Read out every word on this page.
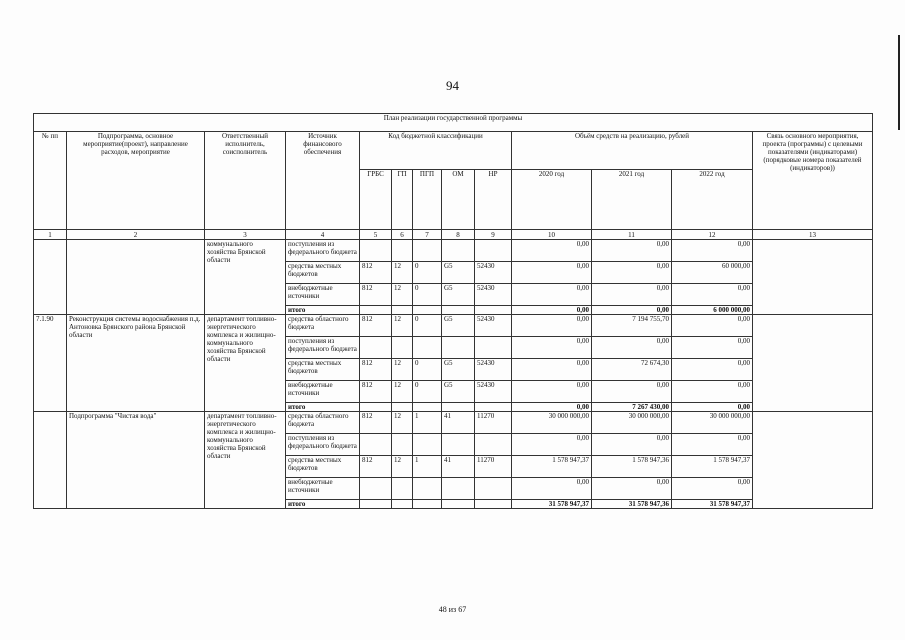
94
План реализации государственной программы												
№ пп	Подпрограмма, основное мероприятие(проект), направление расходов, мероприятие	Ответственный исполнитель, соисполнитель	Источник финансового обеспечения	Код бюджетной классификации					Объём средств на реализацию, рублей			Связь основного мероприятия, проекта (программы) с целевыми показателями (индикаторами) (порядковые номера показателей (индикаторов))
				ГРБС	ГП	ПГП	ОМ	НР	2020 год	2021 год	2022 год	
1	2	3	4	5	6	7	8	9	10	11	12	13
		коммунального хозяйства Брянской области	поступления из федерального бюджета						0,00	0,00	0,00	
			средства местных бюджетов	812	12	0	G5	52430	0,00	0,00	60 000,00	
			внебюджетные источники	812	12	0	G5	52430	0,00	0,00	0,00	
			итого						0,00	0,00	6 000 000,00	
7.1.90	Реконструкция системы водоснабжения п.д. Антоновка Брянского района Брянской области	департамент топливно-энергетического комплекса и жилищно-коммунального хозяйства Брянской области	средства областного бюджета	812	12	0	G5	52430	0,00	7 194 755,70	0,00	
			поступления из федерального бюджета						0,00	0,00	0,00	
			средства местных бюджетов	812	12	0	G5	52430	0,00	72 674,30	0,00	
			внебюджетные источники	812	12	0	G5	52430	0,00	0,00	0,00	
			итого						0,00	7 267 430,00	0,00	
	Подпрограмма "Чистая вода"	департамент топливно-энергетического комплекса и жилищно-коммунального хозяйства Брянской области	средства областного бюджета	812	12	1	41	11270	30 000 000,00	30 000 000,00	30 000 000,00	
			поступления из федерального бюджета						0,00	0,00	0,00	
			средства местных бюджетов	812	12	1	41	11270	1 578 947,37	1 578 947,36	1 578 947,37	
			внебюджетные источники						0,00	0,00	0,00	
			итого						31 578 947,37	31 578 947,36	31 578 947,37	
48 из 67
